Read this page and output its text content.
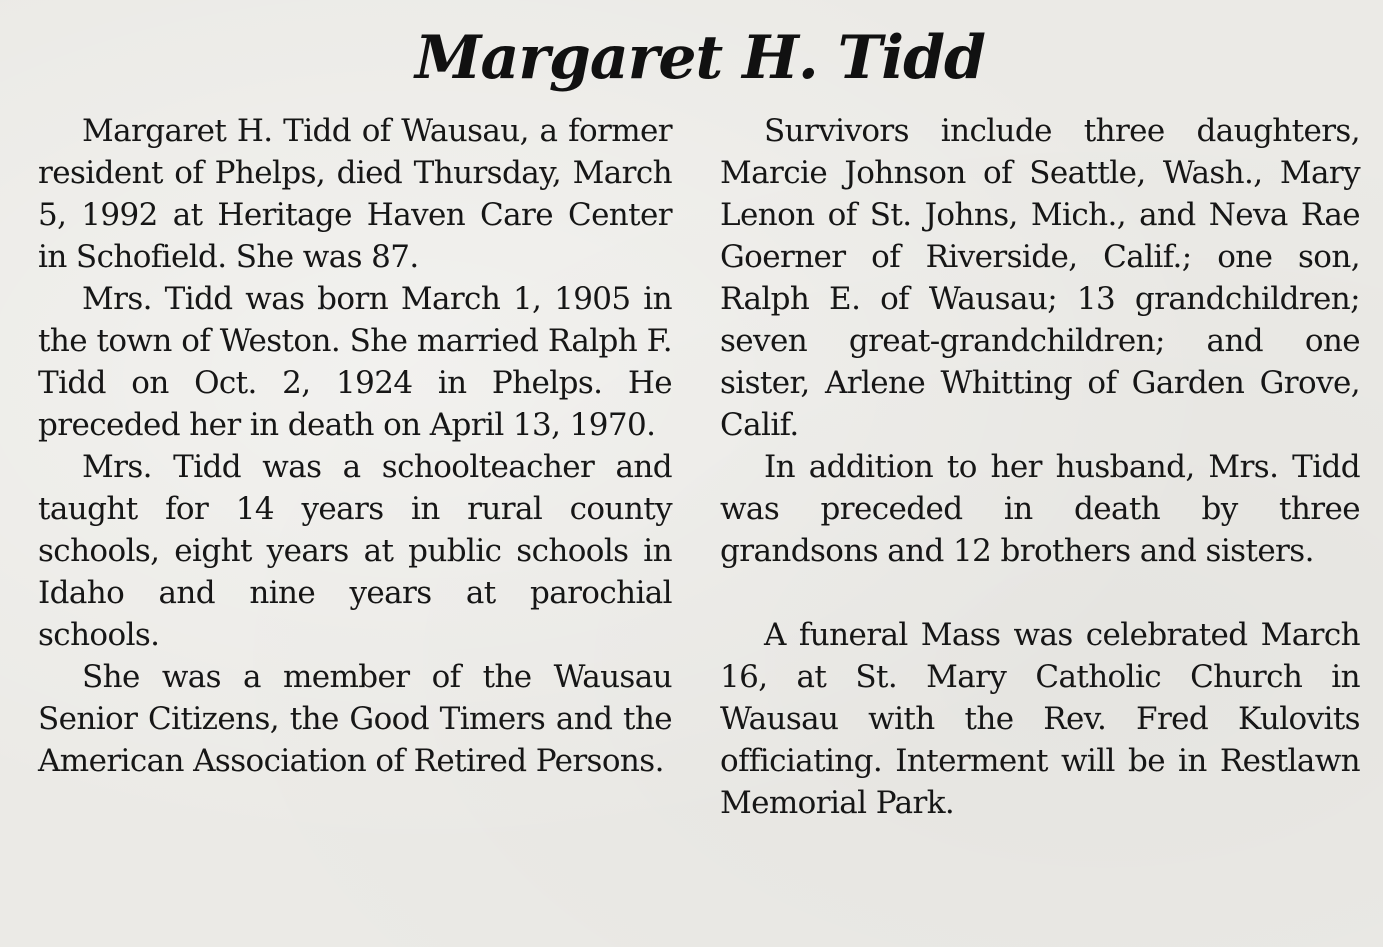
Margaret H. Tidd

Margaret H. Tidd of Wausau, a former resident of Phelps, died Thursday, March 5, 1992 at Heritage Haven Care Center in Schofield. She was 87.

Mrs. Tidd was born March 1, 1905 in the town of Weston. She married Ralph F. Tidd on Oct. 2, 1924 in Phelps. He preceded her in death on April 13, 1970.

Mrs. Tidd was a schoolteacher and taught for 14 years in rural county schools, eight years at public schools in Idaho and nine years at parochial schools.

She was a member of the Wausau Senior Citizens, the Good Timers and the American Association of Retired Persons.

Survivors include three daughters, Marcie Johnson of Seattle, Wash., Mary Lenon of St. Johns, Mich., and Neva Rae Goerner of Riverside, Calif.; one son, Ralph E. of Wausau; 13 grandchildren; seven great-grandchildren; and one sister, Arlene Whitting of Garden Grove, Calif.

In addition to her husband, Mrs. Tidd was preceded in death by three grandsons and 12 brothers and sisters.

A funeral Mass was celebrated March 16, at St. Mary Catholic Church in Wausau with the Rev. Fred Kulovits officiating. Interment will be in Restlawn Memorial Park.
